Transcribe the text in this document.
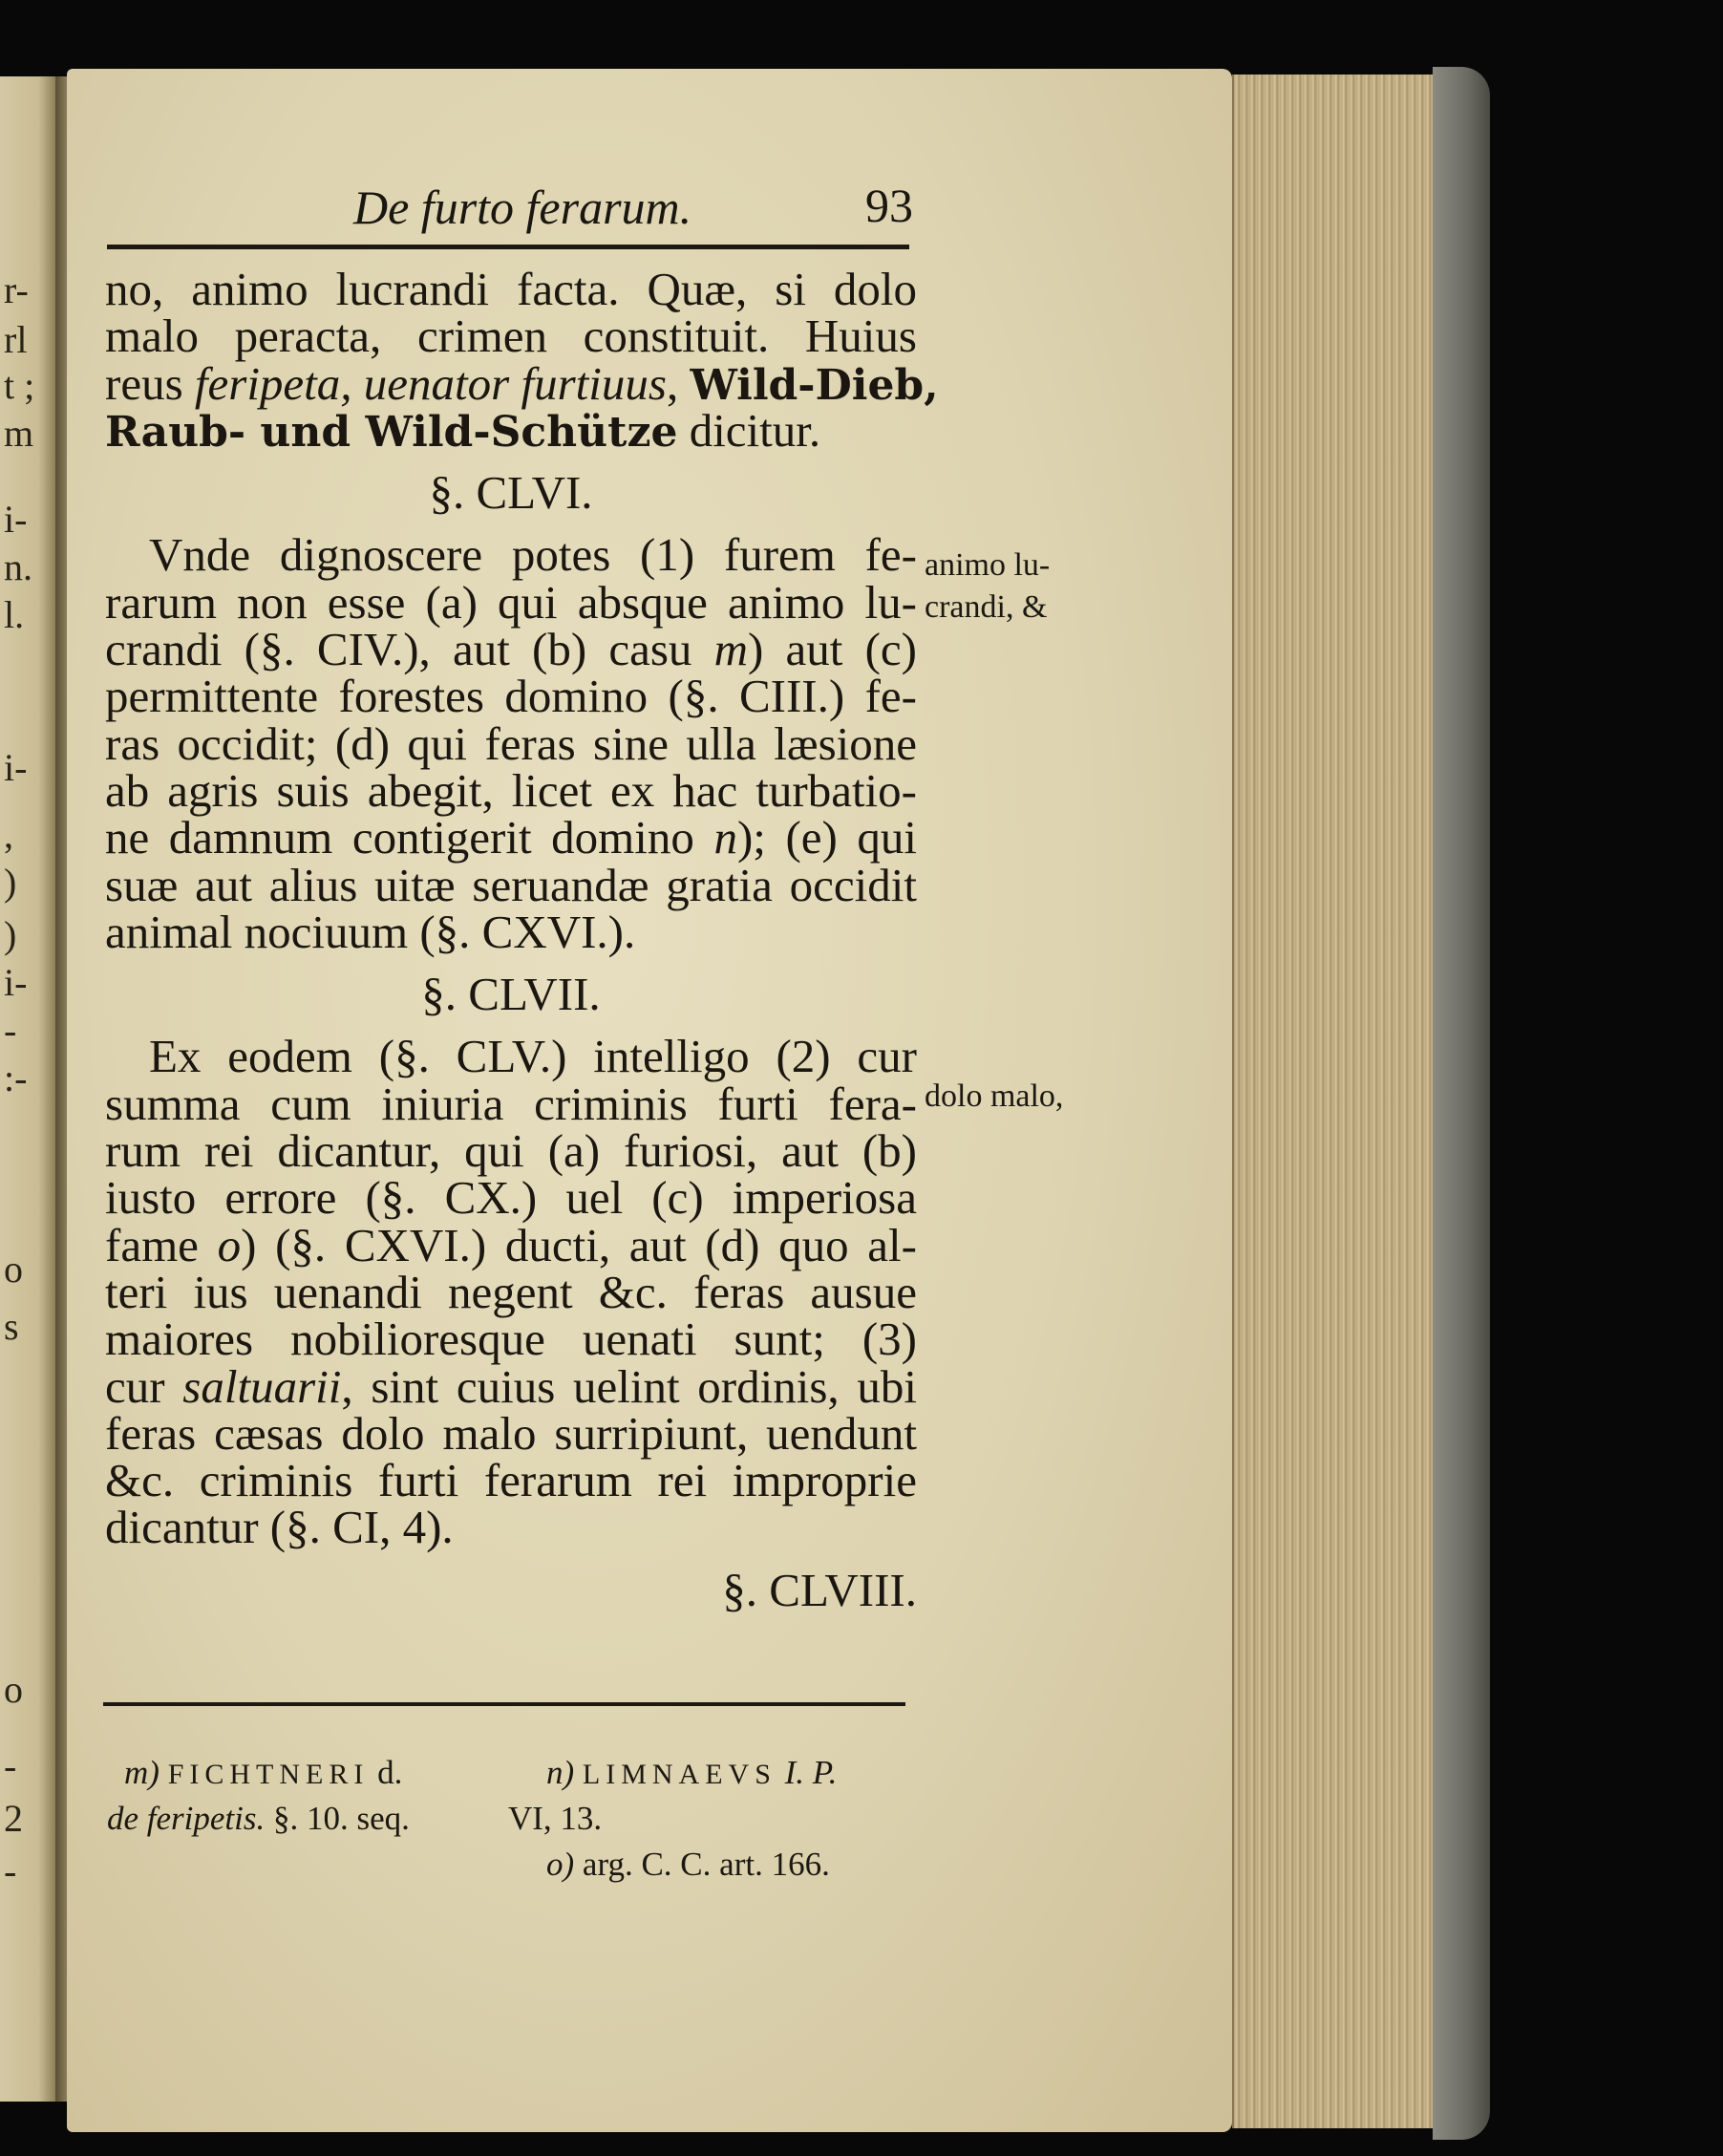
r-
rl
t ;
m
i-
n.
l.
i-
,
)
)
i-
-
:-
o
s
o
-
2
-
De furto ferarum.	93
no, animo lucrandi facta. Quæ, si dolo
malo peracta, crimen constituit. Huius
reus feripeta, uenator furtiuus, Wild-Dieb,
Raub- und Wild-Schütze dicitur.
§. CLVI.
Vnde dignoscere potes (1) furem fe-
rarum non esse (a) qui absque animo lu-
crandi (§. CIV.), aut (b) casu m) aut (c)
permittente forestes domino (§. CIII.) fe-
ras occidit; (d) qui feras sine ulla læsione
ab agris suis abegit, licet ex hac turbatio-
ne damnum contigerit domino n); (e) qui
suæ aut alius uitæ seruandæ gratia occidit
animal nociuum (§. CXVI.).
§. CLVII.
Ex eodem (§. CLV.) intelligo (2) cur
summa cum iniuria criminis furti fera-
rum rei dicantur, qui (a) furiosi, aut (b)
iusto errore (§. CX.) uel (c) imperiosa
fame o) (§. CXVI.) ducti, aut (d) quo al-
teri ius uenandi negent &c. feras ausue
maiores nobilioresque uenati sunt; (3)
cur saltuarii, sint cuius uelint ordinis, ubi
feras cæsas dolo malo surripiunt, uendunt
&c. criminis furti ferarum rei improprie
dicantur (§. CI, 4).
§. CLVIII.
animo lu-
crandi, &
dolo malo,
m) FICHTNERI d.
de feripetis. §. 10. seq.
n) LIMNAEVS I. P.
VI, 13.
o) arg. C. C. art. 166.
